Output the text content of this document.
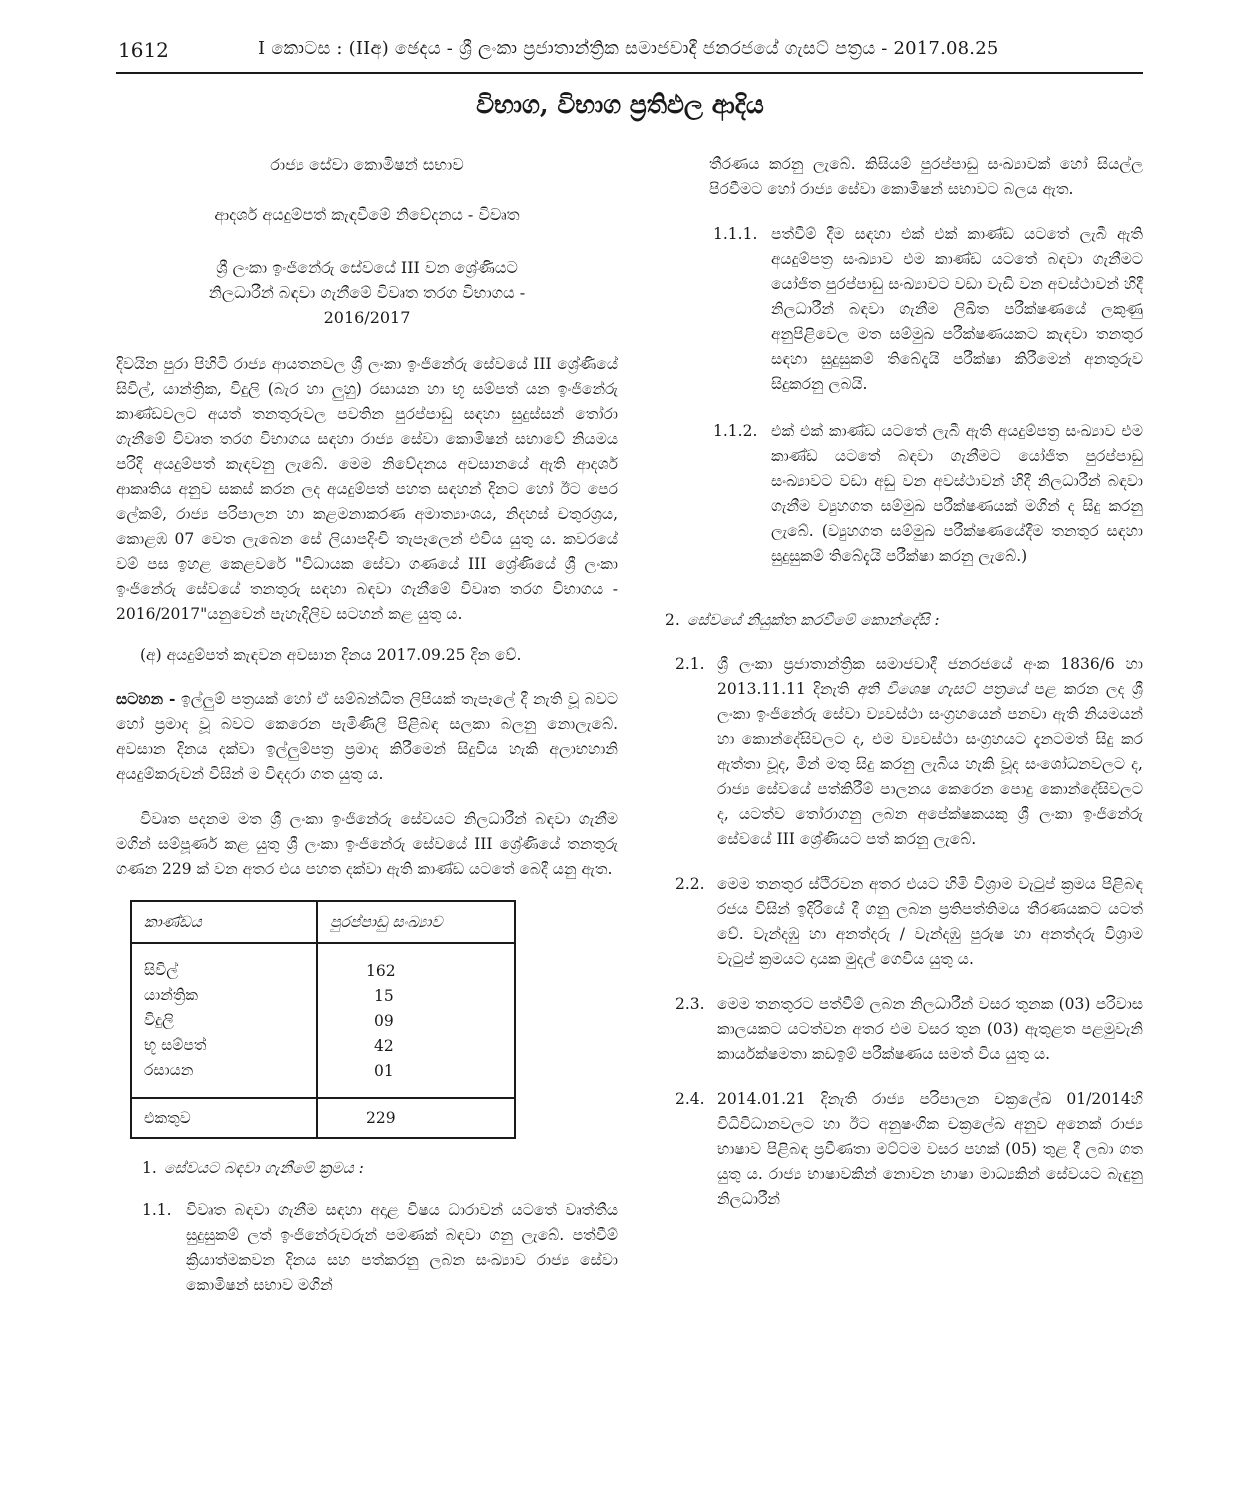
1612	I කොටස : (IIඅ) ඡෙදය - ශ්‍රී ලංකා ප්‍රජාතාන්ත්‍රික සමාජවාදී ජනරජයේ ගැසට් පත්‍රය - 2017.08.25
විභාග, විභාග ප්‍රතිඵල ආදිය
රාජ්‍ය සේවා කොමිෂන් සභාව
ආදර්ශ අයදුම්පත් කැඳවීමේ නිවේදනය - විවෘත
ශ්‍රී ලංකා ඉංජිනේරු සේවයේ III වන ශ්‍රේණියට
නිලධාරීන් බඳවා ගැනීමේ විවෘත තරග විභාගය -
2016/2017

දිවයින පුරා පිහිටි රාජ්‍ය ආයතනවල ශ්‍රී ලංකා ඉංජිනේරු සේවයේ III ශ්‍රේණියේ සිවිල්, යාන්ත්‍රික, විදුලි (බැර හා ලුහු) රසායන හා භූ සම්පත් යන ඉංජිනේරු කාණ්ඩවලට අයත් තනතුරුවල පවතින පුරප්පාඩු සඳහා සුදුස්සන් තෝරා ගැනීමේ විවෘත තරග විභාගය සඳහා රාජ්‍ය සේවා කොමිෂන් සභාවේ නියමය පරිදි අයදුම්පත් කැඳවනු ලැබේ. මෙම නිවේදනය අවසානයේ ඇති ආදර්ශ ආකෘතිය අනුව සකස් කරන ලද අයදුම්පත් පහත සඳහන් දිනට හෝ ඊට පෙර ලේකම්, රාජ්‍ය පරිපාලන හා කළමනාකරණ අමාත්‍යාංශය, නිදහස් චතුරශ්‍රය, කොළඹ 07 වෙත ලැබෙන සේ ලියාපදිංචි තැපෑලෙන් එවිය යුතු ය. කවරයේ වම් පස ඉහළ කෙළවරේ "විධායක සේවා ගණයේ III ශ්‍රේණියේ ශ්‍රී ලංකා ඉංජිනේරු සේවයේ තනතුරු සඳහා බඳවා ගැනීමේ විවෘත තරග විභාගය - 2016/2017"යනුවෙන් පැහැදිලිව සටහන් කළ යුතු ය.

(අ) අයදුම්පත් කැඳවන අවසාන දිනය 2017.09.25 දින වේ.

සටහන - ඉල්ලුම් පත්‍රයක් හෝ ඒ සම්බන්ධිත ලිපියක් තැපෑලේ දී නැති වූ බවට හෝ ප්‍රමාද වූ බවට කෙරෙන පැමිණිලි පිළිබඳ සලකා බලනු නොලැබේ. අවසාන දිනය දක්වා ඉල්ලුම්පත්‍ර ප්‍රමාද කිරීමෙන් සිදුවිය හැකි අලාභහානි අයදුම්කරුවන් විසින් ම විඳදරා ගත යුතු ය.

විවෘත පදනම මත ශ්‍රී ලංකා ඉංජිනේරු සේවයට නිලධාරීන් බඳවා ගැනීම මගින් සම්පූර්ණ කළ යුතු ශ්‍රී ලංකා ඉංජිනේරු සේවයේ III ශ්‍රේණියේ තනතුරු ගණන 229 ක් වන අතර එය පහත දක්වා ඇති කාණ්ඩ යටතේ බෙදී යනු ඇත.

කාණ්ඩය	පුරප්පාඩු සංඛ්‍යාව

සිවිල්	162
යාන්ත්‍රික	15
විදුලි	09
භූ සම්පත්	42
රසායන	01

එකතුව	229
1. සේවයට බඳවා ගැනීමේ ක්‍රමය :
1.1. විවෘත බඳවා ගැනීම සඳහා අදාළ විෂය ධාරාවන් යටතේ වෘත්තීය සුදුසුකම් ලත් ඉංජිනේරුවරුන් පමණක් බඳවා ගනු ලැබේ. පත්වීම් ක්‍රියාත්මකවන දිනය සහ පත්කරනු ලබන සංඛ්‍යාව රාජ්‍ය සේවා කොමිෂන් සභාව මගින්

තීරණය කරනු ලැබේ. කිසියම් පුරප්පාඩු සංඛ්‍යාවක් හෝ සියල්ල පිරවීමට හෝ රාජ්‍ය සේවා කොමිෂන් සභාවට බලය ඇත.

1.1.1. පත්වීම් දීම සඳහා එක් එක් කාණ්ඩ යටතේ ලැබී ඇති අයදුම්පත්‍ර සංඛ්‍යාව එම කාණ්ඩ යටතේ බඳවා ගැනීමට යෝජිත පුරප්පාඩු සංඛ්‍යාවට වඩා වැඩි වන අවස්ථාවන් හිදී නිලධාරීන් බඳවා ගැනීම ලිඛිත පරීක්ෂණයේ ලකුණු අනුපිළිවෙල මත සම්මුඛ පරීක්ෂණයකට කැඳවා තනතුර සඳහා සුදුසුකම් තිබේදැයි පරීක්ෂා කිරීමෙන් අනතුරුව සිදුකරනු ලබයි.
1.1.2. එක් එක් කාණ්ඩ යටතේ ලැබී ඇති අයදුම්පත්‍ර සංඛ්‍යාව එම කාණ්ඩ යටතේ බඳවා ගැනීමට යෝජිත පුරප්පාඩු සංඛ්‍යාවට වඩා අඩු වන අවස්ථාවන් හිදී නිලධාරීන් බඳවා ගැනීම ව්‍යුහගත සම්මුඛ පරීක්ෂණයක් මගින් ද සිදු කරනු ලැබේ. (ව්‍යුහගත සම්මුඛ පරීක්ෂණයේදීම තනතුර සඳහා සුදුසුකම් තිබේදැයි පරීක්ෂා කරනු ලැබේ.)
2. සේවයේ නියුක්ත කරවීමේ කොන්දේසි :
2.1. ශ්‍රී ලංකා ප්‍රජාතාන්ත්‍රික සමාජවාදී ජනරජයේ අංක 1836/6 හා 2013.11.11 දිනැති අති විශෙෂ ගැසට් පත්‍රයේ පළ කරන ලද ශ්‍රී ලංකා ඉංජිනේරු සේවා ව්‍යවස්ථා සංග්‍රහයෙන් පනවා ඇති නියමයන් හා කොන්දේසිවලට ද, එම ව්‍යවස්ථා සංග්‍රහයට දැනටමත් සිදු කර ඇත්තා වූද, මින් මතු සිදු කරනු ලැබිය හැකි වූද සංශෝධනවලට ද, රාජ්‍ය සේවයේ පත්කිරීම් පාලනය කෙරෙන පොදු කොන්දේසිවලට ද, යටත්ව තෝරාගනු ලබන අපේක්ෂකයකු ශ්‍රී ලංකා ඉංජිනේරු සේවයේ III ශ්‍රේණියට පත් කරනු ලැබේ.
2.2. මෙම තනතුර ස්ථිරවන අතර එයට හිමි විශ්‍රාම වැටුප් ක්‍රමය පිළිබඳ රජය විසින් ඉදිරියේ දී ගනු ලබන ප්‍රතිපත්තිමය තීරණයකට යටත් වේ. වැන්දඹු හා අනත්දරු / වැන්දඹු පුරුෂ හා අනත්දරු විශ්‍රාම වැටුප් ක්‍රමයට දායක මුදල් ගෙවිය යුතු ය.
2.3. මෙම තනතුරට පත්වීම් ලබන නිලධාරීන් වසර තුනක (03) පරිවාස කාලයකට යටත්වන අතර එම වසර තුන (03) ඇතුළත පළමුවැනි කාර්යක්ෂමතා කඩඉම් පරීක්ෂණය සමත් විය යුතු ය.
2.4. 2014.01.21 දිනැති රාජ්‍ය පරිපාලන චක්‍රලේඛ 01/2014හි විධිවිධානවලට හා ඊට අනුෂංගික චක්‍රලේඛ අනුව අනෙක් රාජ්‍ය භාෂාව පිළිබඳ ප්‍රවීණතා මට්ටම වසර පහක් (05) තුළ දී ලබා ගත යුතු ය. රාජ්‍ය භාෂාවකින් නොවන භාෂා මාධ්‍යකින් සේවයට බැඳුනු නිලධාරීන්
